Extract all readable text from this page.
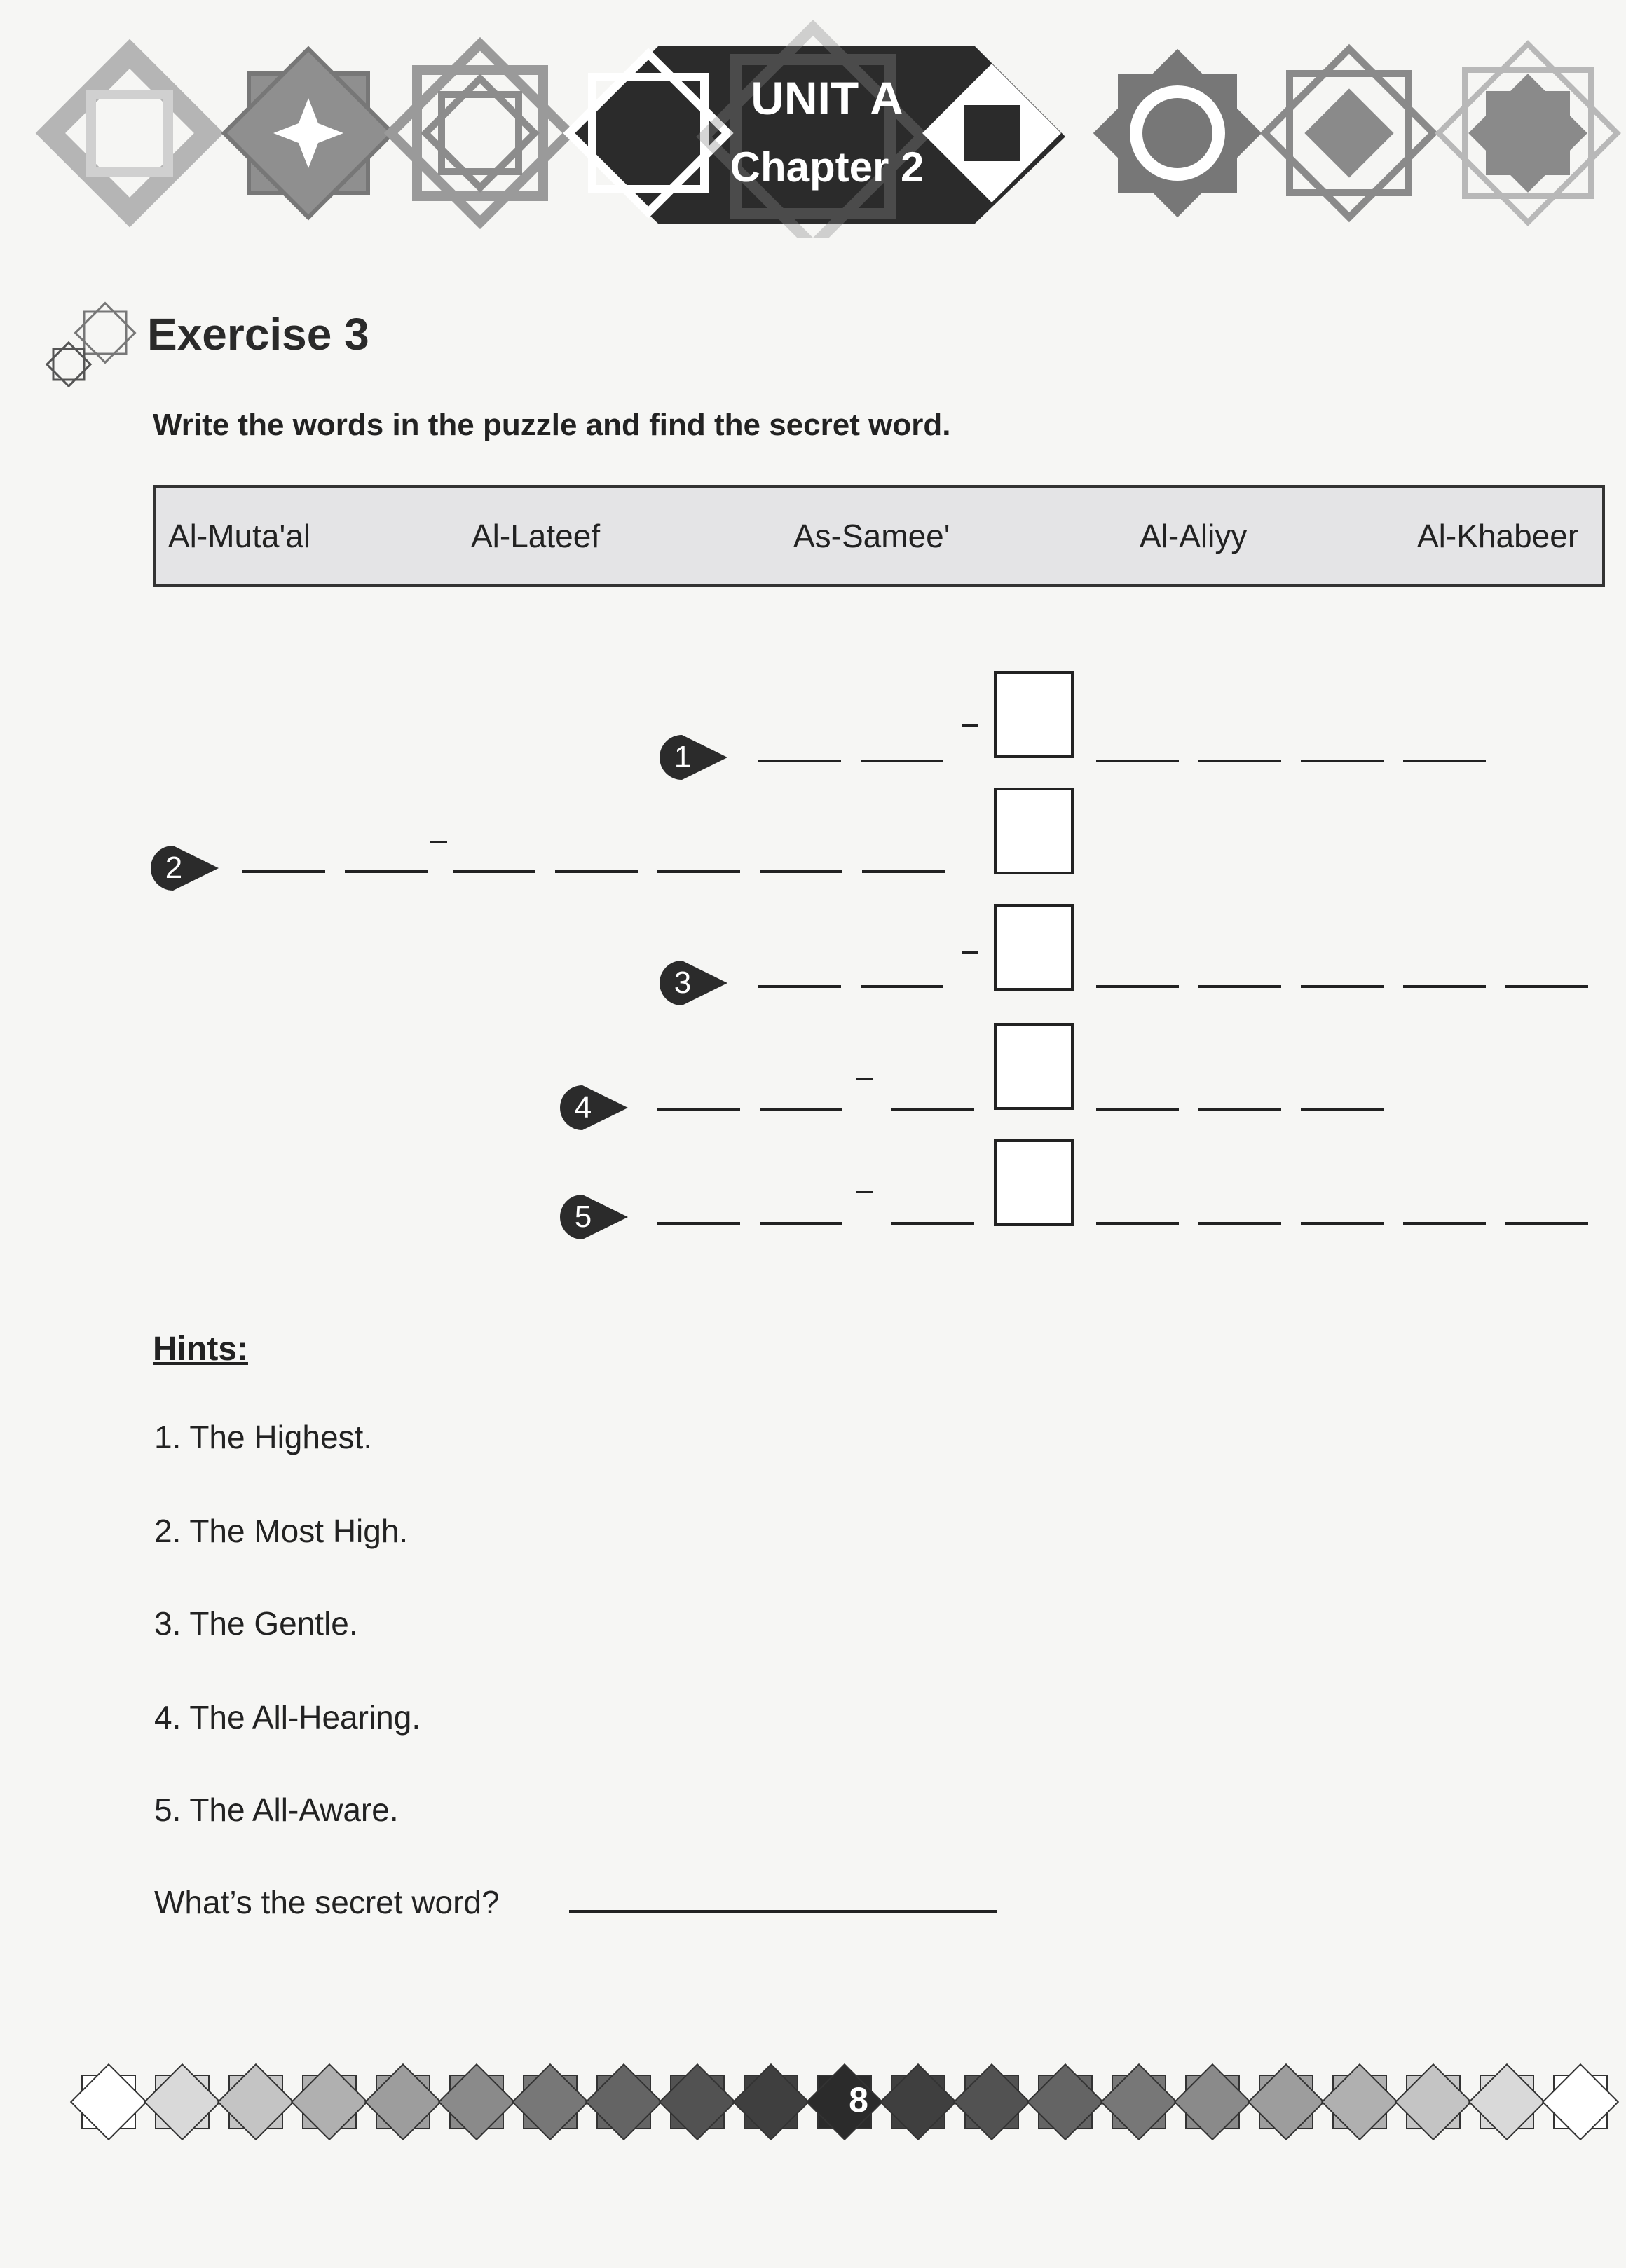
UNIT A
Chapter 2
Exercise 3
Write the words in the puzzle and find the secret word.
Al-Muta'al	Al-Lateef	As-Samee'	Al-Aliyy	Al-Khabeer
1
2
3
4
5
Hints:
1. The Highest.
2. The Most High.
3. The Gentle.
4. The All-Hearing.
5. The All-Aware.
What’s the secret word?
8
